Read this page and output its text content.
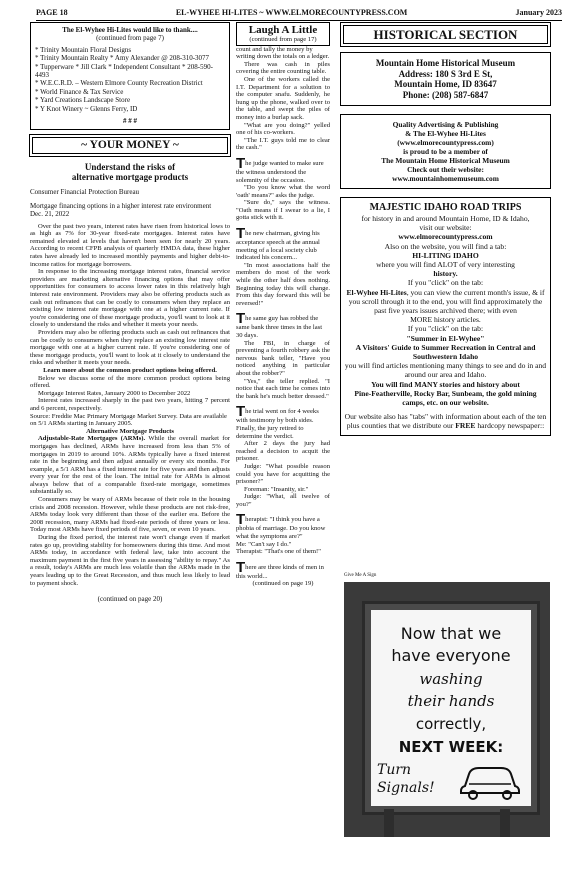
PAGE 18	EL-WYHEE HI-LITES ~ WWW.ELMORECOUNTYPRESS.COM	January 2023

The El-Wyhee Hi-Lites would like to thank....

(continued from page 7)

* Trinity Mountain Floral Designs

* Trinity Mountain Realty * Amy Alexander @ 208-310-3077

* Tupperware * Jill Clark * Independent Consultant * 208-590-4493

* W.E.C.R.D. – Western Elmore County Recreation District

* World Finance & Tax Service

* Yard Creations Landscape Store

* Y Knot Winery ~ Glenns Ferry, ID

# # #

~ YOUR MONEY ~

Understand the risks of

alternative mortgage products

Consumer Financial Protection Bureau

Mortgage financing options in a higher interest rate environment

Dec. 21, 2022

Over the past two years, interest rates have risen from historical lows to as high as 7% for 30-year fixed-rate mortgages. Interest rates have remained elevated at levels that haven't been seen for nearly 20 years. According to recent CFPB analysis of quarterly HMDA data, these higher rates have already led to increased monthly payments and higher debt-to-income ratios for mortgage borrowers.

In response to the increasing mortgage interest rates, financial service providers are marketing alternative financing options that may offer opportunities for consumers to access lower rates in this relatively high interest rate environment. Providers may also be offering products such as cash out refinances that can be costly to consumers when they replace an existing low interest rate mortgage with one at a higher current rate. If you're considering one of these mortgage products, you'll want to look at it closely to understand the risks and whether it meets your needs.

Providers may also be offering products such as cash out refinances that can be costly to consumers when they replace an existing low interest rate mortgage with one at a higher current rate. If you're considering one of these mortgage products, you'll want to look at it closely to understand the risks and whether it meets your needs.

Learn more about the common product options being offered.

Below we discuss some of the more common product options being offered.

Mortgage Interest Rates, January 2000 to December 2022

Interest rates increased sharply in the past two years, hitting 7 percent and 6 percent, respectively.

Source: Freddie Mac Primary Mortgage Market Survey. Data are available on 5/1 ARMs starting in January 2005.

Alternative Mortgage Products

Adjustable-Rate Mortgages (ARMs). While the overall market for mortgages has declined, ARMs have increased from less than 5% of mortgages in 2019 to around 10%. ARMs typically have a fixed interest rate in the beginning and then adjust annually or every six months. For example, a 5/1 ARM has a fixed interest rate for five years and then adjusts every year for the rest of the loan. The initial rate for ARMs is almost always below that of a comparable fixed-rate mortgage, sometimes substantially so.

Consumers may be wary of ARMs because of their role in the housing crisis and 2008 recession. However, while these products are not risk-free, ARMs today look very different than those of the earlier era. Before the 2008 recession, many ARMs had fixed-rate periods of three years or less. Today most ARMs have fixed periods of five, seven, or even 10 years.

During the fixed period, the interest rate won't change even if market rates go up, providing stability for homeowners during this time. And most ARMs today, in accordance with federal law, take into account the maximum payment in the first five years in assessing "ability to repay." As a result, today's ARMs are much less volatile than the ARMs made in the years leading up to the Great Recession, and thus much less likely to lead to payment shock.

(continued on page 20)

Laugh A Little
(continued from page 17)

count and tally the money by writing down the totals on a ledger.

There was cash in piles covering the entire counting table.

One of the workers called the I.T. Department for a solution to the computer snafu. Suddenly, he hung up the phone, walked over to the table, and swept the piles of money into a burlap sack.

"What are you doing?" yelled one of his co-workers.

"The I.T. guys told me to clear the cash."

The judge wanted to make sure the witness understood the solemnity of the occasion.

"Do you know what the word 'oath' means?" asks the judge.

"Sure do," says the witness. "Oath means if I swear to a lie, I gotta stick with it.

The new chairman, giving his acceptance speech at the annual meeting of a local society club indicated his concern...

"In most associations half the members do most of the work while the other half does nothing. Beginning today this will change. From this day forward this will be reversed!"

The same guy has robbed the same bank three times in the last 30 days.

The FBI, in charge of preventing a fourth robbery ask the nervous bank teller, "Have you noticed anything in particular about the robber?"

"Yes," the teller replied. "I notice that each time he comes into the bank he's much better dressed."

The trial went on for 4 weeks with testimony by both sides. Finally, the jury retired to determine the verdict.

After 2 days the jury had reached a decision to acquit the prisoner.

Judge: "What possible reason could you have for acquitting the prisoner?"

Foreman: "Insanity, sir."

Judge: "What, all twelve of you?"

Therapist: "I think you have a phobia of marriage. Do you know what the symptoms are?"

Me: "Can't say I do."

Therapist: "That's one of them!"

There are three kinds of men in this world...

(continued on page 19)

HISTORICAL SECTION

Mountain Home Historical Museum

Address: 180 S 3rd E St,

Mountain Home, ID 83647

Phone: (208) 587-6847

Quality Advertising & Publishing

& The El-Wyhee Hi-Lites

(www.elmorecountypress.com)

is proud to be a member of

The Mountain Home Historical Museum

Check out their website:

www.mountainhomemuseum.com

MAJESTIC IDAHO ROAD TRIPS

for history in and around Mountain Home, ID & Idaho,

visit our website:

www.elmorecountypress.com

Also on the website, you will find a tab:

HI-LITING IDAHO

where you will find ALOT of very interesting

history.

If you "click" on the tab:

El-Wyhee Hi-Lites, you can view the current month's issue, & if you scroll through it to the end, you will find approximately the past five years issues archived there; with even

MORE history articles.

If you "click" on the tab:

"Summer in El-Wyhee"

A Visitors' Guide to Summer Recreation in Central and Southwestern Idaho

you will find articles mentioning many things to see and do in and around our area and Idaho.

You will find MANY stories and history about

Pine-Featherville, Rocky Bar, Sunbeam, the gold mining camps, etc. on our website.

Our website also has "tabs" with information about each of the ten plus counties that we distribute our FREE hardcopy newspaper::

Give Me A Sign
Now that we
have everyone
washing
their hands
correctly,
NEXT WEEK:
Turn
Signals!
